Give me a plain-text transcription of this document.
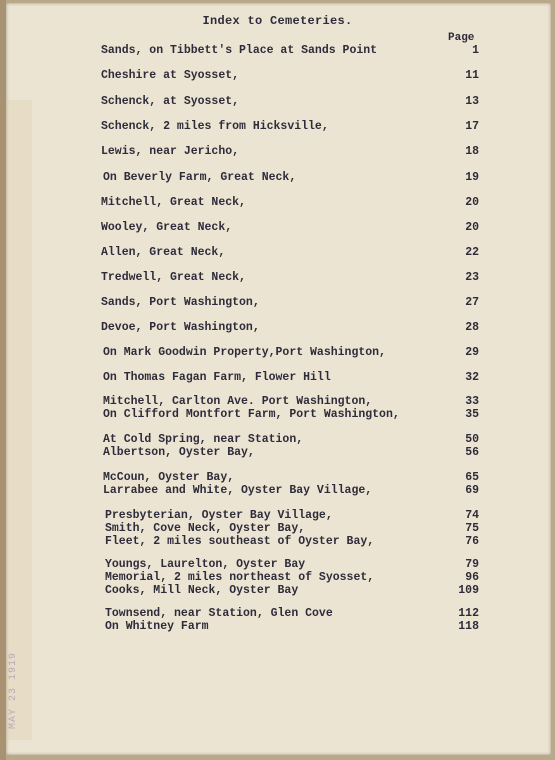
Index to Cemeteries.
Page
Sands, on Tibbett's Place at Sands Point	1
Cheshire at Syosset,	11
Schenck, at Syosset,	13
Schenck, 2 miles from Hicksville,	17
Lewis, near Jericho,	18
On Beverly Farm, Great Neck,	19
Mitchell, Great Neck,	20
Wooley, Great Neck,	20
Allen, Great Neck,	22
Tredwell, Great Neck,	23
Sands, Port Washington,	27
Devoe, Port Washington,	28
On Mark Goodwin Property,Port Washington,	29
On Thomas Fagan Farm, Flower Hill	32
Mitchell, Carlton Ave. Port Washington,	33
On Clifford Montfort Farm, Port Washington,	35
At Cold Spring, near Station,	50
Albertson, Oyster Bay,	56
McCoun, Oyster Bay,	65
Larrabee and White, Oyster Bay Village,	69
Presbyterian, Oyster Bay Village,	74
Smith, Cove Neck, Oyster Bay,	75
Fleet, 2 miles southeast of Oyster Bay,	76
Youngs, Laurelton, Oyster Bay	79
Memorial, 2 miles northeast of Syosset,	96
Cooks, Mill Neck, Oyster Bay	109
Townsend, near Station, Glen Cove	112
On Whitney Farm	118
MAY 23 1919
